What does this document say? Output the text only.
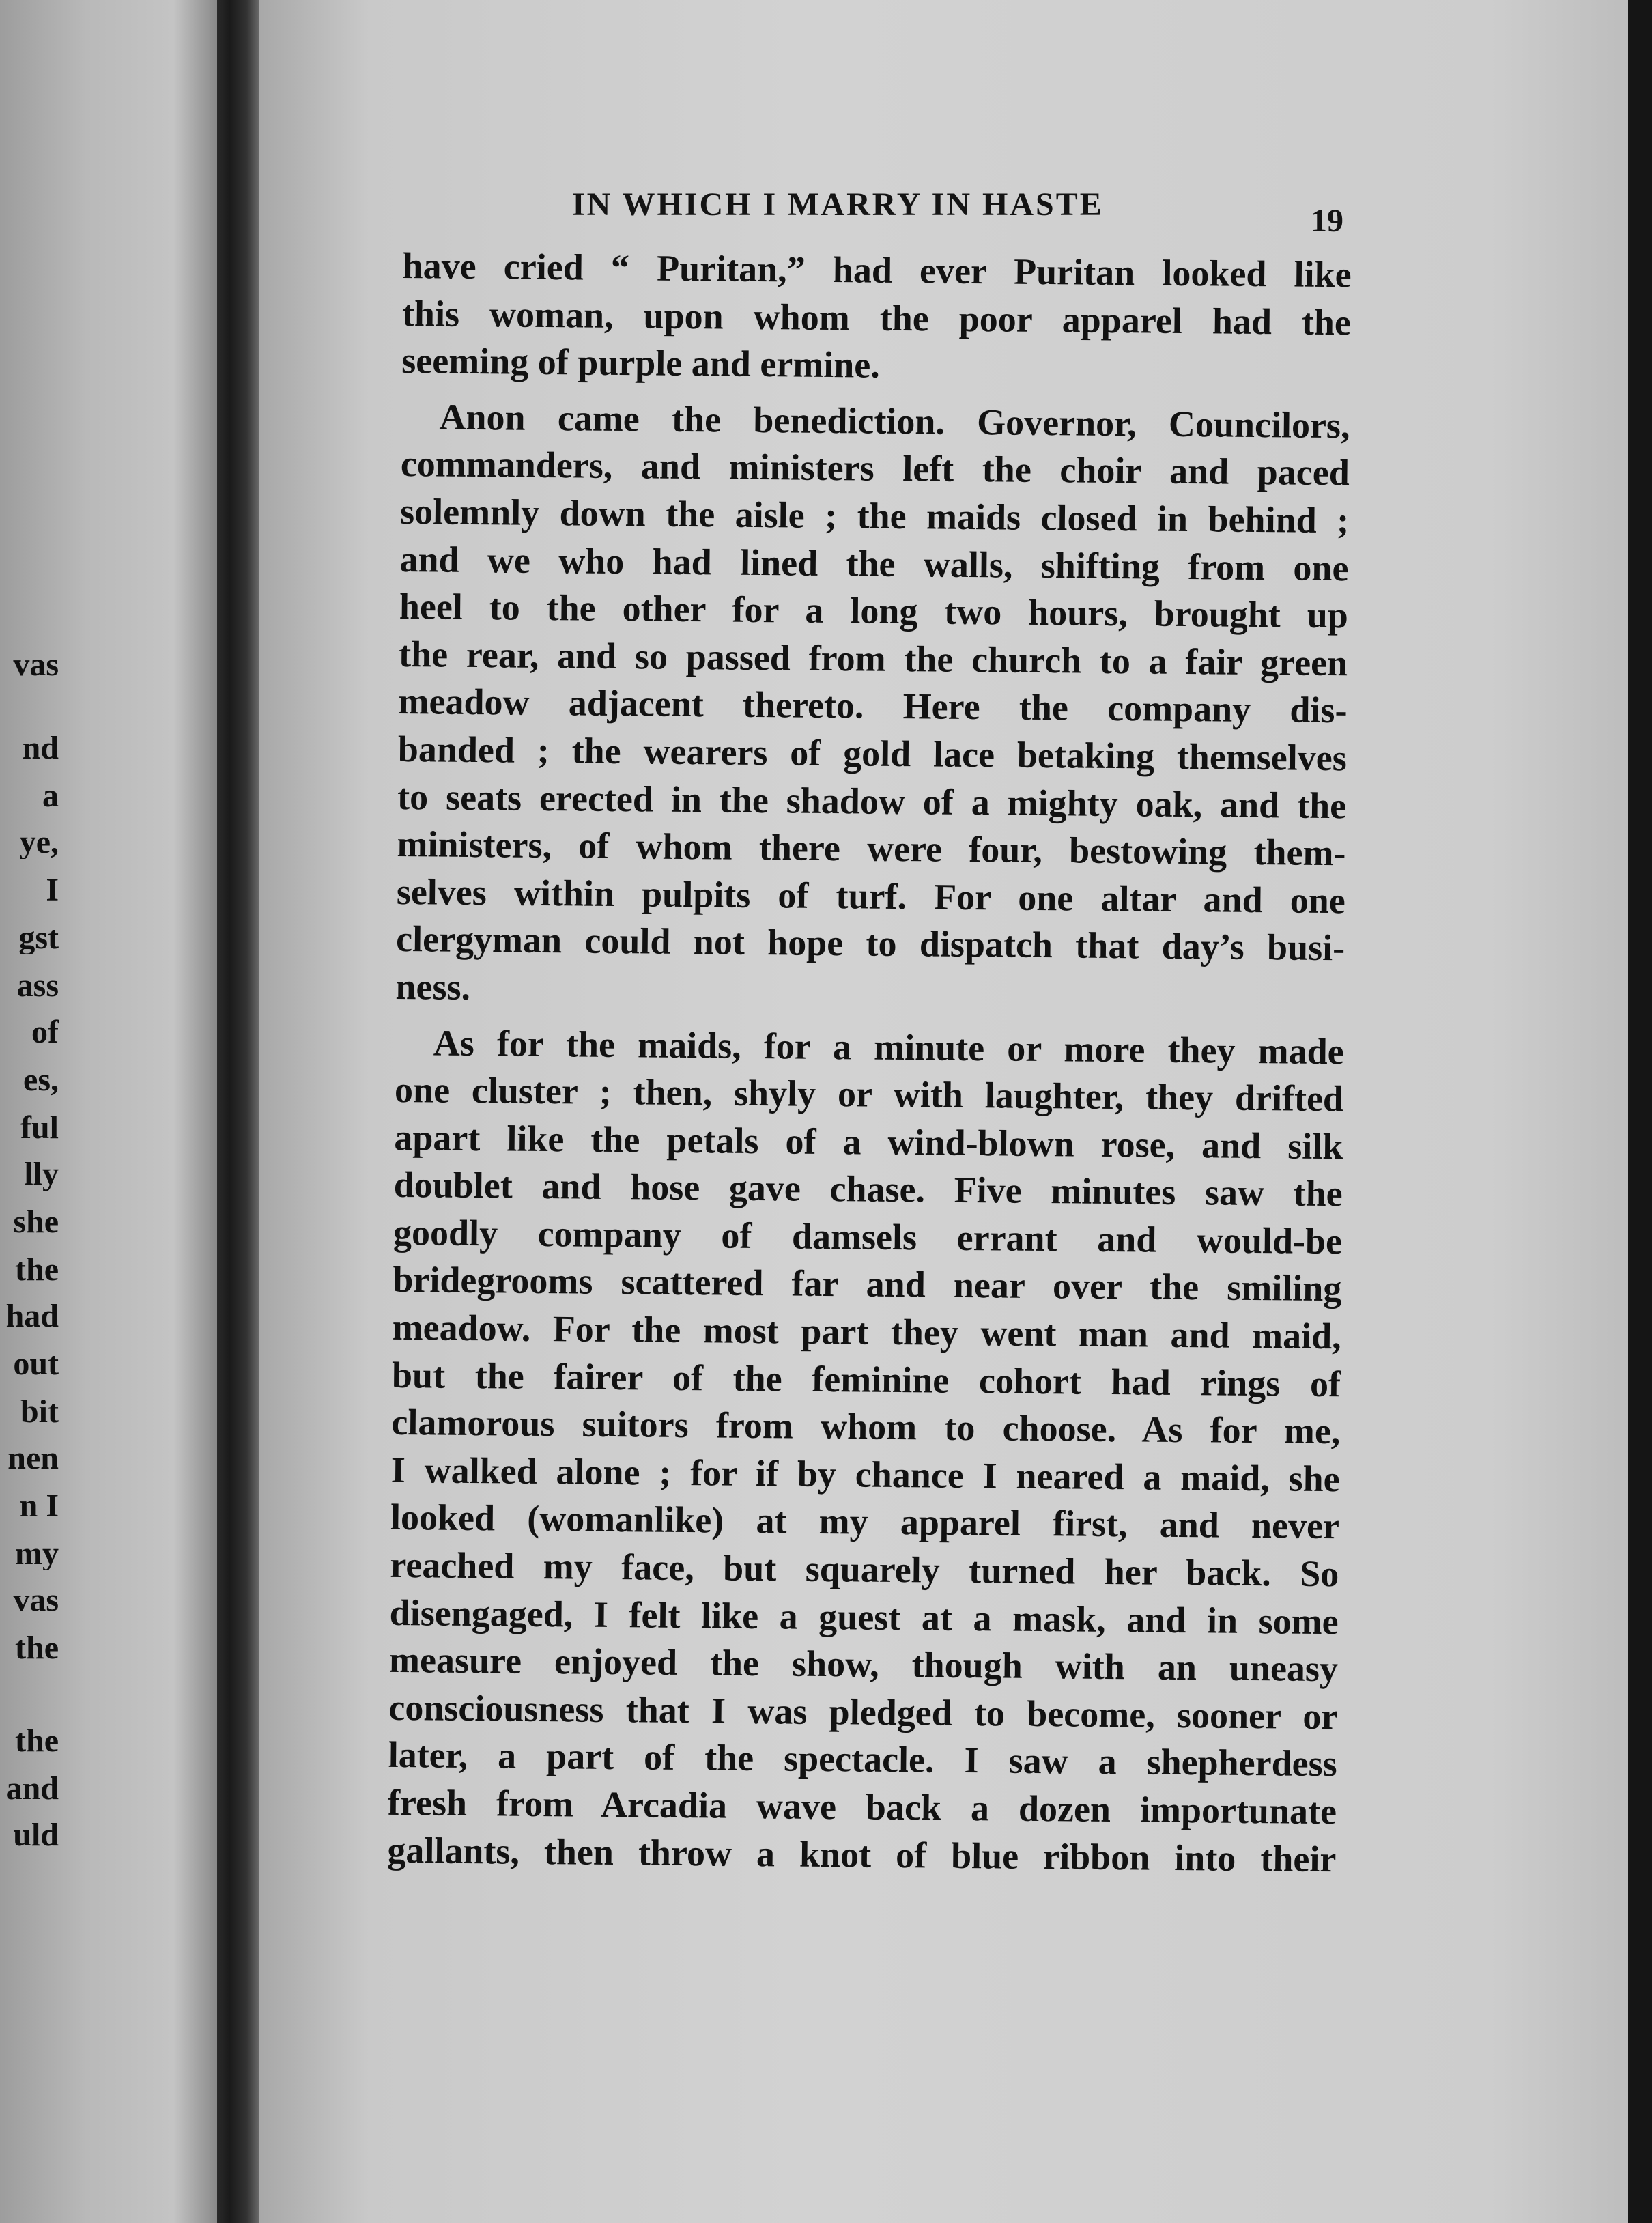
vas
nd
a
ye,
I
gst
ass
of
es,
ful
lly
she
the
had
out
bit
nen
n I
my
vas
the
the
and
uld
IN WHICH I MARRY IN HASTE	19
have cried “ Puritan,” had ever Puritan looked like
this woman, upon whom the poor apparel had the
seeming of purple and ermine.
Anon came the benediction. Governor, Councilors,
commanders, and ministers left the choir and paced
solemnly down the aisle ; the maids closed in behind ;
and we who had lined the walls, shifting from one
heel to the other for a long two hours, brought up
the rear, and so passed from the church to a fair green
meadow adjacent thereto. Here the company dis-
banded ; the wearers of gold lace betaking themselves
to seats erected in the shadow of a mighty oak, and the
ministers, of whom there were four, bestowing them-
selves within pulpits of turf. For one altar and one
clergyman could not hope to dispatch that day’s busi-
ness.
As for the maids, for a minute or more they made
one cluster ; then, shyly or with laughter, they drifted
apart like the petals of a wind-blown rose, and silk
doublet and hose gave chase. Five minutes saw the
goodly company of damsels errant and would-be
bridegrooms scattered far and near over the smiling
meadow. For the most part they went man and maid,
but the fairer of the feminine cohort had rings of
clamorous suitors from whom to choose. As for me,
I walked alone ; for if by chance I neared a maid, she
looked (womanlike) at my apparel first, and never
reached my face, but squarely turned her back. So
disengaged, I felt like a guest at a mask, and in some
measure enjoyed the show, though with an uneasy
consciousness that I was pledged to become, sooner or
later, a part of the spectacle. I saw a shepherdess
fresh from Arcadia wave back a dozen importunate
gallants, then throw a knot of blue ribbon into their
